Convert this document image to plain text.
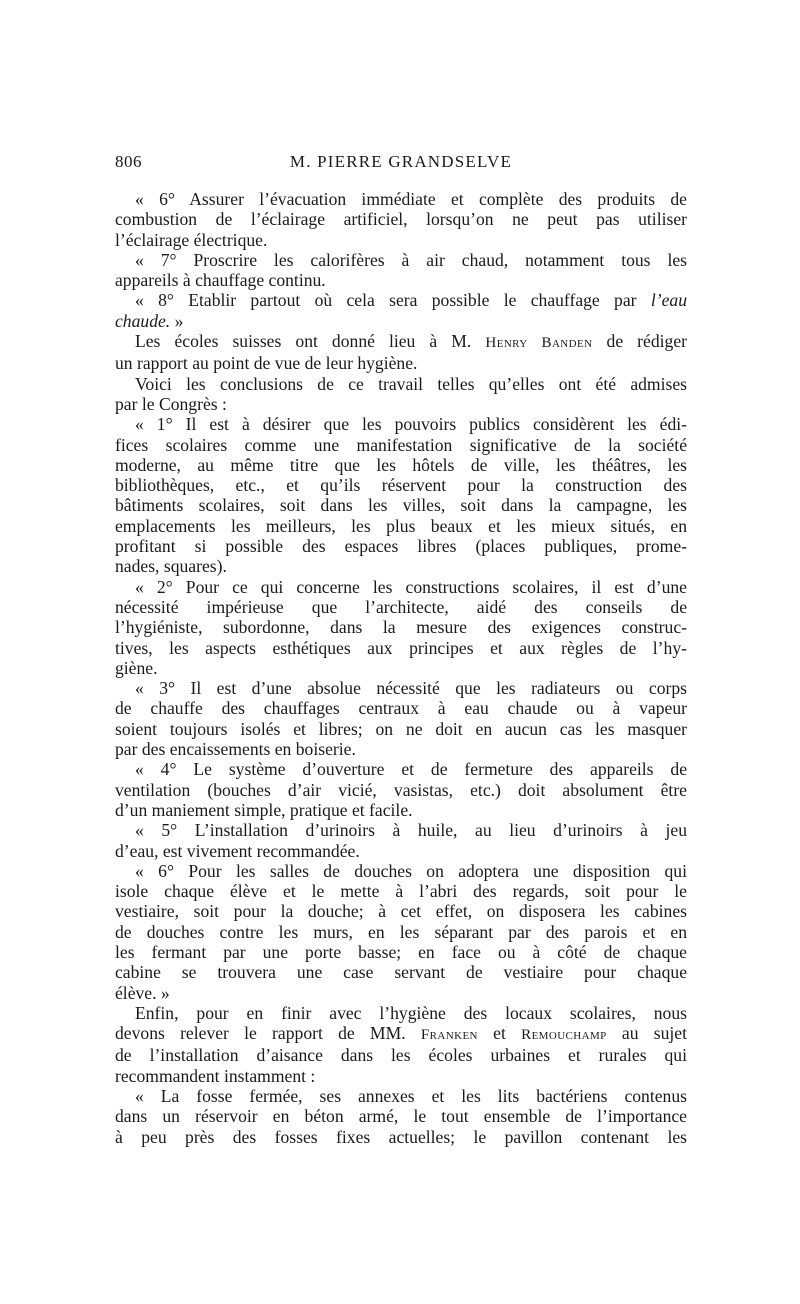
806	M. PIERRE GRANDSELVE
« 6° Assurer l’évacuation immédiate et complète des produits de
combustion de l’éclairage artificiel, lorsqu’on ne peut pas utiliser
l’éclairage électrique.
« 7° Proscrire les calorifères à air chaud, notamment tous les
appareils à chauffage continu.
« 8° Etablir partout où cela sera possible le chauffage par l’eau
chaude. »
Les écoles suisses ont donné lieu à M. Henry Banden de rédiger
un rapport au point de vue de leur hygiène.
Voici les conclusions de ce travail telles qu’elles ont été admises
par le Congrès :
« 1° Il est à désirer que les pouvoirs publics considèrent les édi-
fices scolaires comme une manifestation significative de la société
moderne, au même titre que les hôtels de ville, les théâtres, les
bibliothèques, etc., et qu’ils réservent pour la construction des
bâtiments scolaires, soit dans les villes, soit dans la campagne, les
emplacements les meilleurs, les plus beaux et les mieux situés, en
profitant si possible des espaces libres (places publiques, prome-
nades, squares).
« 2° Pour ce qui concerne les constructions scolaires, il est d’une
nécessité impérieuse que l’architecte, aidé des conseils de
l’hygiéniste, subordonne, dans la mesure des exigences construc-
tives, les aspects esthétiques aux principes et aux règles de l’hy-
giène.
« 3° Il est d’une absolue nécessité que les radiateurs ou corps
de chauffe des chauffages centraux à eau chaude ou à vapeur
soient toujours isolés et libres; on ne doit en aucun cas les masquer
par des encaissements en boiserie.
« 4° Le système d’ouverture et de fermeture des appareils de
ventilation (bouches d’air vicié, vasistas, etc.) doit absolument être
d’un maniement simple, pratique et facile.
« 5° L’installation d’urinoirs à huile, au lieu d’urinoirs à jeu
d’eau, est vivement recommandée.
« 6° Pour les salles de douches on adoptera une disposition qui
isole chaque élève et le mette à l’abri des regards, soit pour le
vestiaire, soit pour la douche; à cet effet, on disposera les cabines
de douches contre les murs, en les séparant par des parois et en
les fermant par une porte basse; en face ou à côté de chaque
cabine se trouvera une case servant de vestiaire pour chaque
élève. »
Enfin, pour en finir avec l’hygiène des locaux scolaires, nous
devons relever le rapport de MM. Franken et Remouchamp au sujet
de l’installation d’aisance dans les écoles urbaines et rurales qui
recommandent instamment :
« La fosse fermée, ses annexes et les lits bactériens contenus
dans un réservoir en béton armé, le tout ensemble de l’importance
à peu près des fosses fixes actuelles; le pavillon contenant les
